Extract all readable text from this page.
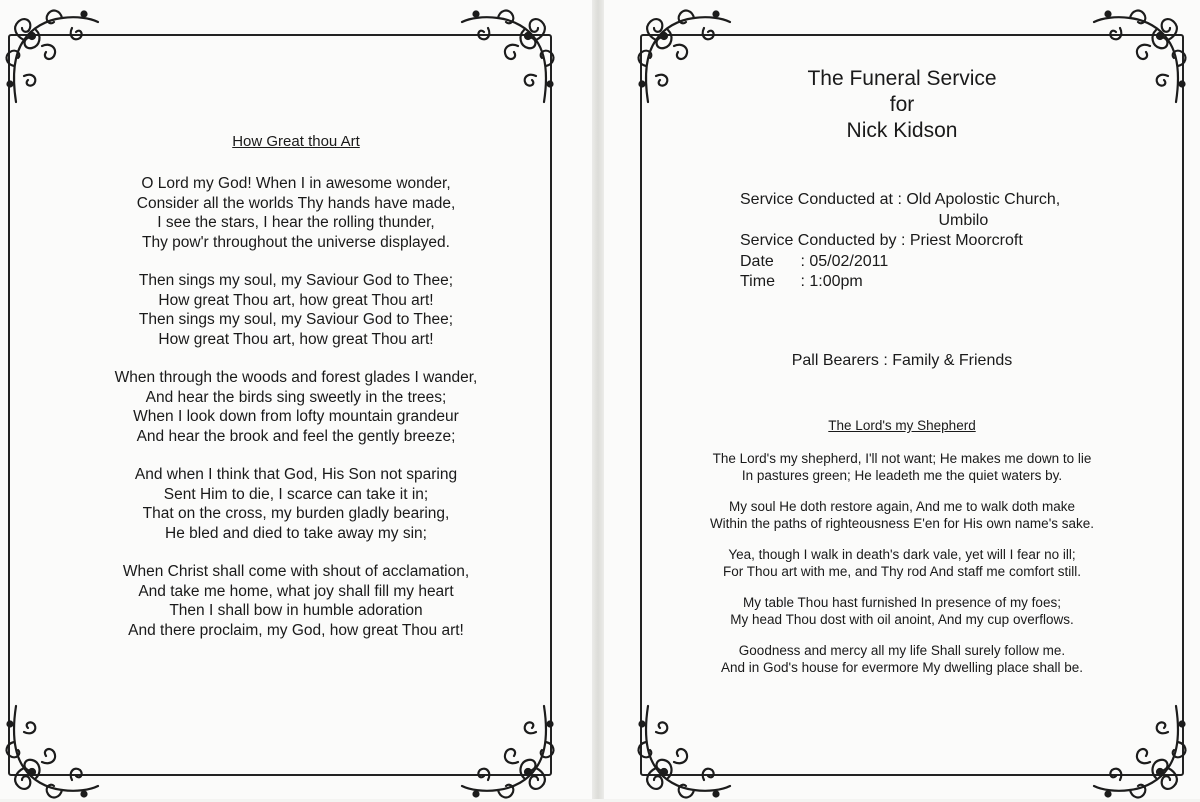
How Great thou Art

O Lord my God! When I in awesome wonder,
Consider all the worlds Thy hands have made,
I see the stars, I hear the rolling thunder,
Thy pow'r throughout the universe displayed.

Then sings my soul, my Saviour God to Thee;
How great Thou art, how great Thou art!
Then sings my soul, my Saviour God to Thee;
How great Thou art, how great Thou art!

When through the woods and forest glades I wander,
And hear the birds sing sweetly in the trees;
When I look down from lofty mountain grandeur
And hear the brook and feel the gently breeze;

And when I think that God, His Son not sparing
Sent Him to die, I scarce can take it in;
That on the cross, my burden gladly bearing,
He bled and died to take away my sin;

When Christ shall come with shout of acclamation,
And take me home, what joy shall fill my heart
Then I shall bow in humble adoration
And there proclaim, my God, how great Thou art!

The Funeral Service
for
Nick Kidson

The Lord's my Shepherd

The Lord's my shepherd, I'll not want; He makes me down to lie
In pastures green; He leadeth me the quiet waters by.

My soul He doth restore again, And me to walk doth make
Within the paths of righteousness E'en for His own name's sake.

Yea, though I walk in death's dark vale, yet will I fear no ill;
For Thou art with me, and Thy rod And staff me comfort still.

My table Thou hast furnished In presence of my foes;
My head Thou dost with oil anoint, And my cup overflows.

Goodness and mercy all my life Shall surely follow me.
And in God's house for evermore My dwelling place shall be.

Pall Bearers : Family & Friends
Service Conducted at : Old Apolostic Church,
Umbilo
Service Conducted by : Priest Moorcroft
Date : 05/02/2011
Time : 1:00pm
